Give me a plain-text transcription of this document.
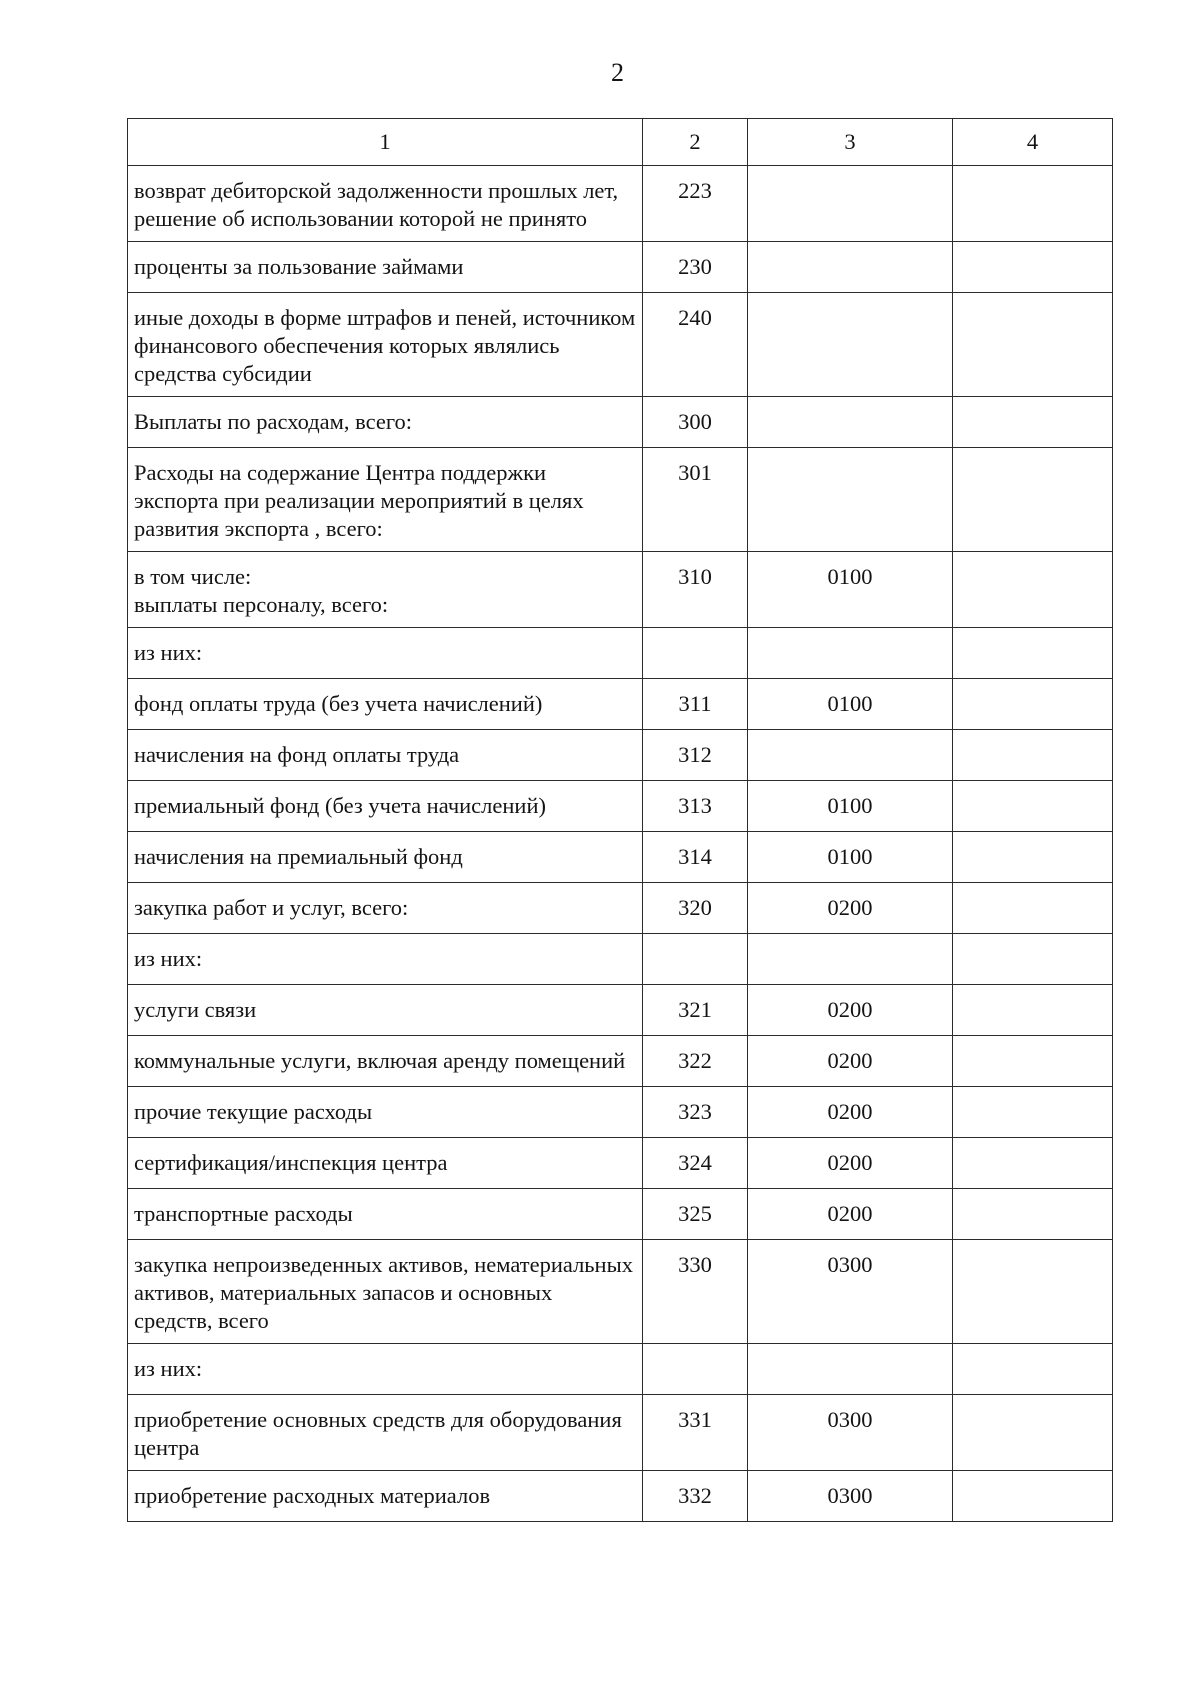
2
1	2	3	4
возврат дебиторской задолженности прошлых лет, решение об использовании которой не принято	223		
проценты за пользование займами	230		
иные доходы в форме штрафов и пеней, источником финансового обеспечения которых являлись средства субсидии	240		
Выплаты по расходам, всего:	300		
Расходы на содержание Центра поддержки экспорта при реализации мероприятий в целях развития экспорта , всего:	301		
в том числе:
выплаты персоналу, всего:	310	0100	
из них:			
фонд оплаты труда (без учета начислений)	311	0100	
начисления на фонд оплаты труда	312		
премиальный фонд (без учета начислений)	313	0100	
начисления на премиальный фонд	314	0100	
закупка работ и услуг, всего:	320	0200	
из них:			
услуги связи	321	0200	
коммунальные услуги, включая аренду помещений	322	0200	
прочие текущие расходы	323	0200	
сертификация/инспекция центра	324	0200	
транспортные расходы	325	0200	
закупка непроизведенных активов, нематериальных активов, материальных запасов и основных средств, всего	330	0300	
из них:			
приобретение основных средств для оборудования центра	331	0300	
приобретение расходных материалов	332	0300	
